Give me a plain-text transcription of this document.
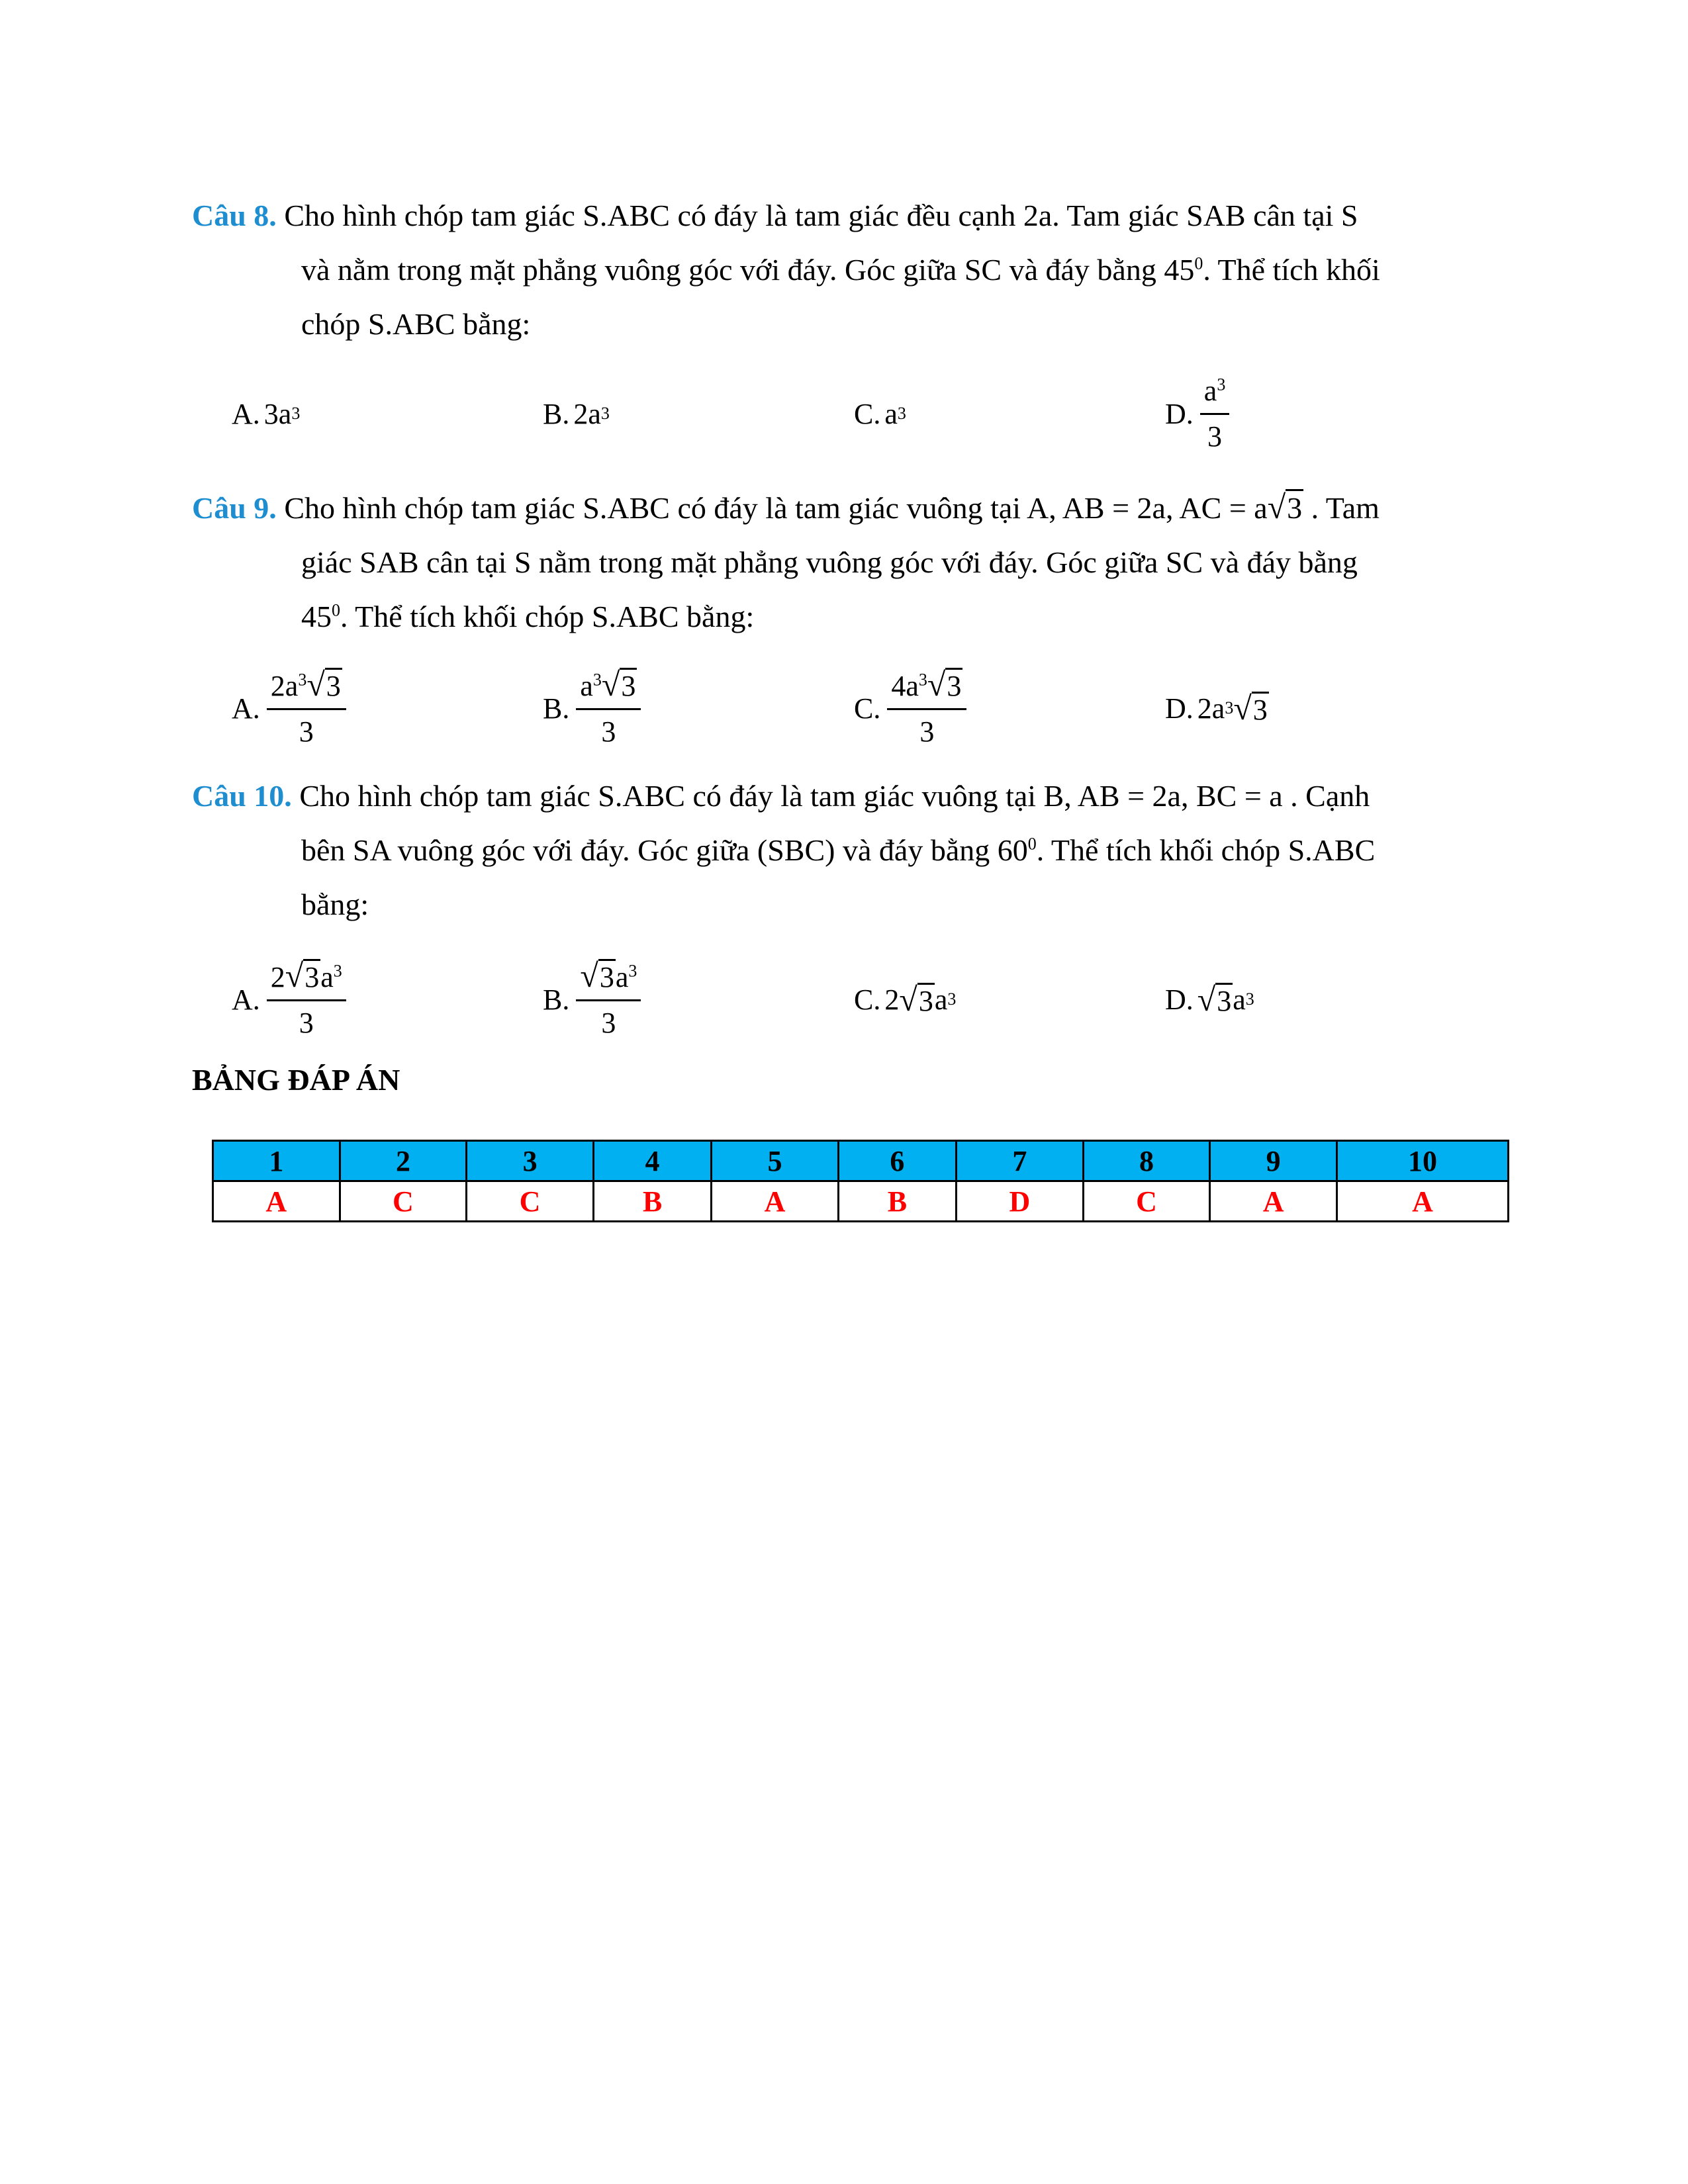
Câu 8. Cho hình chóp tam giác S.ABC có đáy là tam giác đều cạnh 2a. Tam giác SAB cân tại S
và nằm trong mặt phẳng vuông góc với đáy. Góc giữa SC và đáy bằng $45^0$. Thể tích khối
chóp S.ABC bằng:
A. 3a 3	B. 2a 3	C. a 3	D. $\frac{a^3}{3}$
Câu 9. Cho hình chóp tam giác S.ABC có đáy là tam giác vuông tại A, AB = 2a, AC = a√3 . Tam
giác SAB cân tại S nằm trong mặt phẳng vuông góc với đáy. Góc giữa SC và đáy bằng
$45^0$. Thể tích khối chóp S.ABC bằng:
A. $\frac{2a^3√3}{3}$	B. $\frac{a^3√3}{3}$	C. $\frac{4a^3√3}{3}$	D. 2a 3 √3
Câu 10. Cho hình chóp tam giác S.ABC có đáy là tam giác vuông tại B, AB = 2a, BC = a . Cạnh
bên SA vuông góc với đáy. Góc giữa (SBC) và đáy bằng $60^0$. Thể tích khối chóp S.ABC
bằng:
A. $\frac{2√3a^3}{3}$	B. $\frac{√3a^3}{3}$	C. 2 √3 a 3	D. √3 a 3
BẢNG ĐÁP ÁN
1	2	3	4	5	6	7	8	9	10
A	C	C	B	A	B	D	C	A	A
